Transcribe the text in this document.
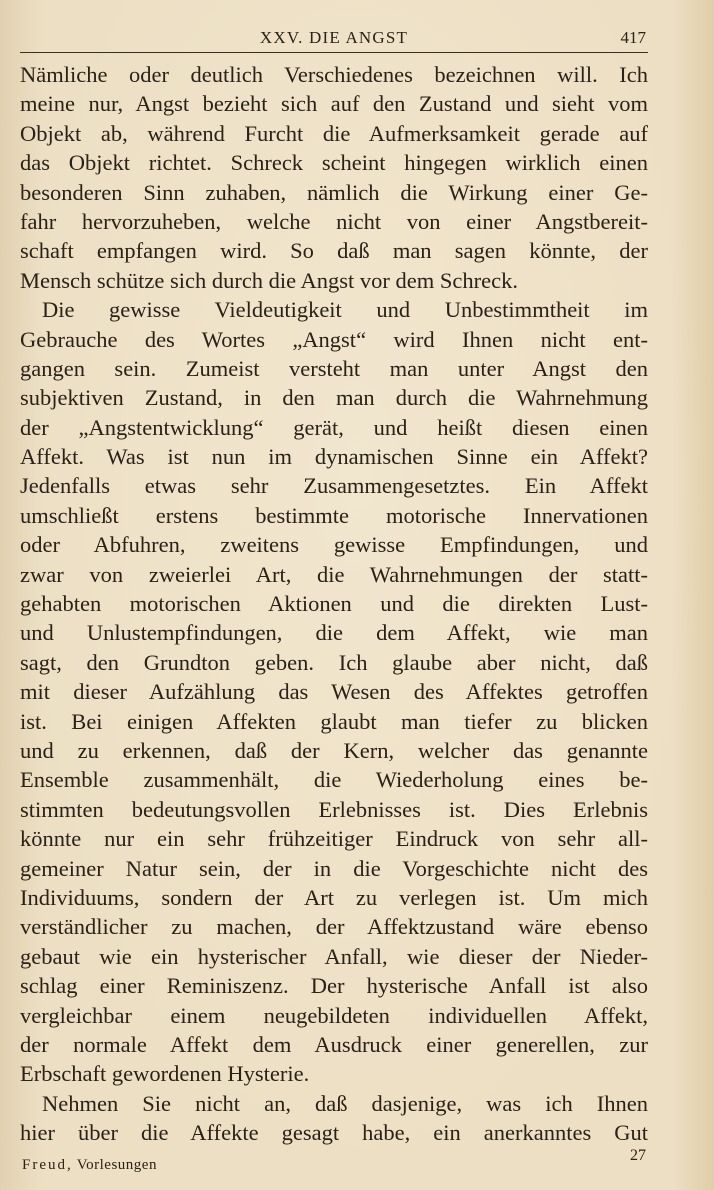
XXV. DIE ANGST	417
Nämliche oder deutlich Verschiedenes bezeichnen will. Ich
meine nur, Angst bezieht sich auf den Zustand und sieht vom
Objekt ab, während Furcht die Aufmerksamkeit gerade auf
das Objekt richtet. Schreck scheint hingegen wirklich einen
besonderen Sinn zuhaben, nämlich die Wirkung einer Ge-
fahr hervorzuheben, welche nicht von einer Angstbereit-
schaft empfangen wird. So daß man sagen könnte, der
Mensch schütze sich durch die Angst vor dem Schreck.
Die gewisse Vieldeutigkeit und Unbestimmtheit im
Gebrauche des Wortes „Angst“ wird Ihnen nicht ent-
gangen sein. Zumeist versteht man unter Angst den
subjektiven Zustand, in den man durch die Wahrnehmung
der „Angstentwicklung“ gerät, und heißt diesen einen
Affekt. Was ist nun im dynamischen Sinne ein Affekt?
Jedenfalls etwas sehr Zusammengesetztes. Ein Affekt
umschließt erstens bestimmte motorische Innervationen
oder Abfuhren, zweitens gewisse Empfindungen, und
zwar von zweierlei Art, die Wahrnehmungen der statt-
gehabten motorischen Aktionen und die direkten Lust-
und Unlustempfindungen, die dem Affekt, wie man
sagt, den Grundton geben. Ich glaube aber nicht, daß
mit dieser Aufzählung das Wesen des Affektes getroffen
ist. Bei einigen Affekten glaubt man tiefer zu blicken
und zu erkennen, daß der Kern, welcher das genannte
Ensemble zusammenhält, die Wiederholung eines be-
stimmten bedeutungsvollen Erlebnisses ist. Dies Erlebnis
könnte nur ein sehr frühzeitiger Eindruck von sehr all-
gemeiner Natur sein, der in die Vorgeschichte nicht des
Individuums, sondern der Art zu verlegen ist. Um mich
verständlicher zu machen, der Affektzustand wäre ebenso
gebaut wie ein hysterischer Anfall, wie dieser der Nieder-
schlag einer Reminiszenz. Der hysterische Anfall ist also
vergleichbar einem neugebildeten individuellen Affekt,
der normale Affekt dem Ausdruck einer generellen, zur
Erbschaft gewordenen Hysterie.
Nehmen Sie nicht an, daß dasjenige, was ich Ihnen
hier über die Affekte gesagt habe, ein anerkanntes Gut
Freud, Vorlesungen
27
